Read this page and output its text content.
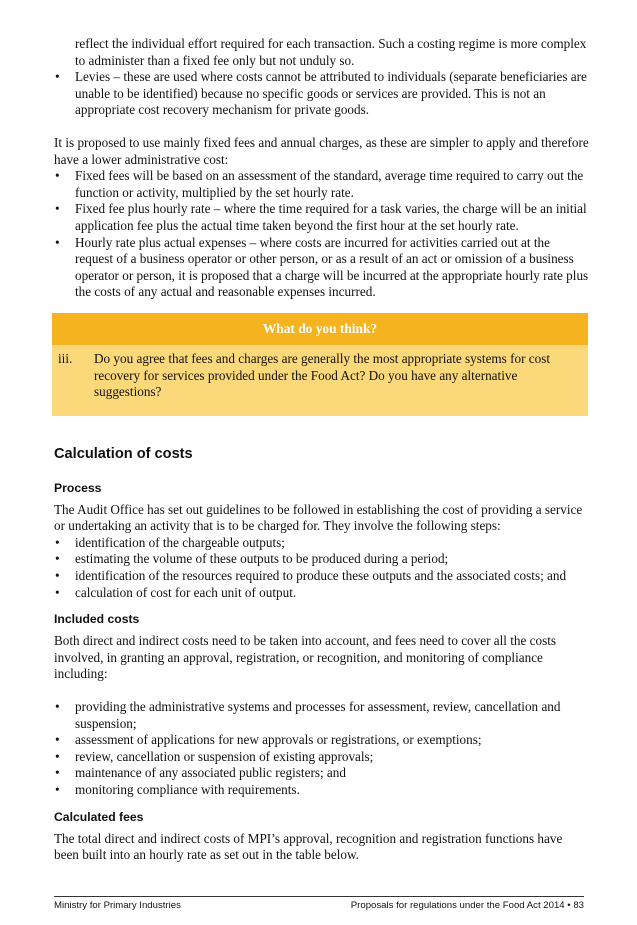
reflect the individual effort required for each transaction. Such a costing regime is more complex to administer than a fixed fee only but not unduly so.

• Levies – these are used where costs cannot be attributed to individuals (separate beneficiaries are unable to be identified) because no specific goods or services are provided. This is not an appropriate cost recovery mechanism for private goods.

It is proposed to use mainly fixed fees and annual charges, as these are simpler to apply and therefore have a lower administrative cost:

• Fixed fees will be based on an assessment of the standard, average time required to carry out the function or activity, multiplied by the set hourly rate.
• Fixed fee plus hourly rate – where the time required for a task varies, the charge will be an initial application fee plus the actual time taken beyond the first hour at the set hourly rate.
• Hourly rate plus actual expenses – where costs are incurred for activities carried out at the request of a business operator or other person, or as a result of an act or omission of a business operator or person, it is proposed that a charge will be incurred at the appropriate hourly rate plus the costs of any actual and reasonable expenses incurred.
What do you think?
iii. Do you agree that fees and charges are generally the most appropriate systems for cost recovery for services provided under the Food Act? Do you have any alternative suggestions?
Calculation of costs
Process

The Audit Office has set out guidelines to be followed in establishing the cost of providing a service or undertaking an activity that is to be charged for. They involve the following steps:

• identification of the chargeable outputs;
• estimating the volume of these outputs to be produced during a period;
• identification of the resources required to produce these outputs and the associated costs; and
• calculation of cost for each unit of output.
Included costs

Both direct and indirect costs need to be taken into account, and fees need to cover all the costs involved, in granting an approval, registration, or recognition, and monitoring of compliance including:

• providing the administrative systems and processes for assessment, review, cancellation and suspension;
• assessment of applications for new approvals or registrations, or exemptions;
• review, cancellation or suspension of existing approvals;
• maintenance of any associated public registers; and
• monitoring compliance with requirements.
Calculated fees

The total direct and indirect costs of MPI’s approval, recognition and registration functions have been built into an hourly rate as set out in the table below.

Ministry for Primary Industries	Proposals for regulations under the Food Act 2014 • 83
